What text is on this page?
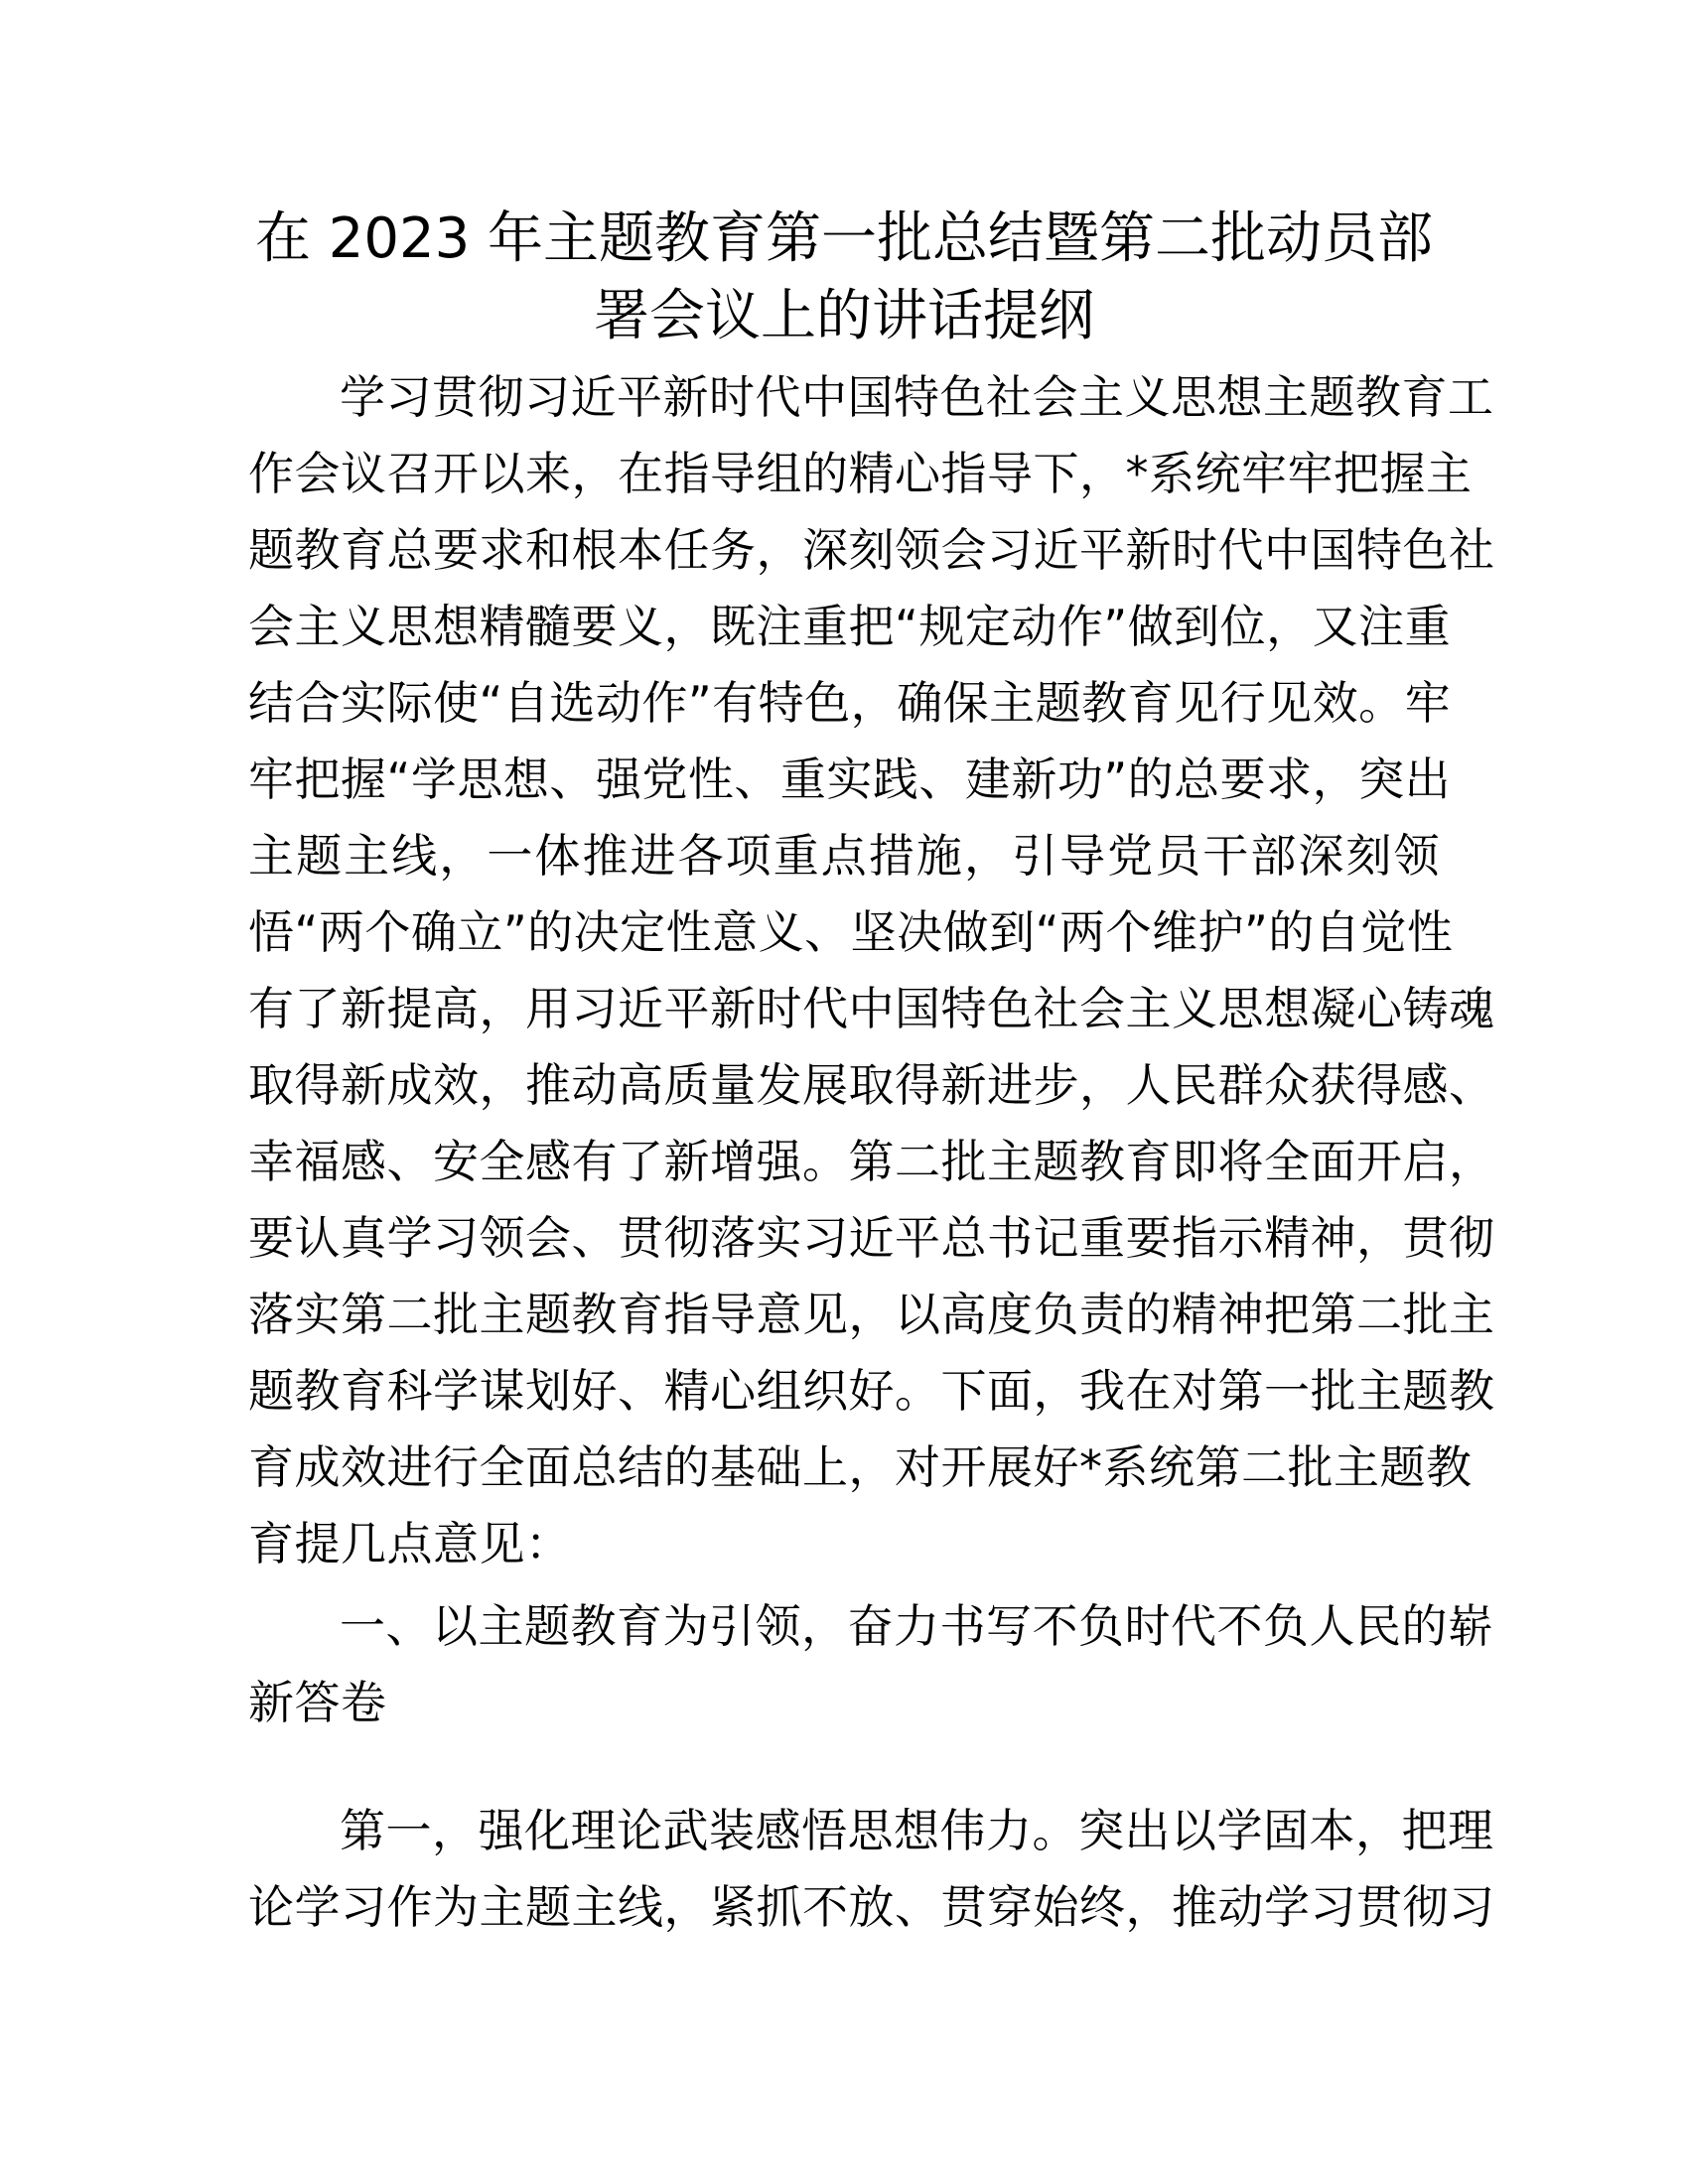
在 2023 年主题教育第一批总结暨第二批动员部
署会议上的讲话提纲
学习贯彻习近平新时代中国特色社会主义思想主题教育工
作会议召开以来，在指导组的精心指导下，*系统牢牢把握主
题教育总要求和根本任务，深刻领会习近平新时代中国特色社
会主义思想精髓要义，既注重把“规定动作”做到位，又注重
结合实际使“自选动作”有特色，确保主题教育见行见效。牢
牢把握“学思想、强党性、重实践、建新功”的总要求，突出
主题主线，一体推进各项重点措施，引导党员干部深刻领
悟“两个确立”的决定性意义、坚决做到“两个维护”的自觉性
有了新提高，用习近平新时代中国特色社会主义思想凝心铸魂
取得新成效，推动高质量发展取得新进步，人民群众获得感、
幸福感、安全感有了新增强。第二批主题教育即将全面开启，
要认真学习领会、贯彻落实习近平总书记重要指示精神，贯彻
落实第二批主题教育指导意见，以高度负责的精神把第二批主
题教育科学谋划好、精心组织好。下面，我在对第一批主题教
育成效进行全面总结的基础上，对开展好*系统第二批主题教
育提几点意见：
一、以主题教育为引领，奋力书写不负时代不负人民的崭
新答卷
第一，强化理论武装感悟思想伟力。突出以学固本，把理
论学习作为主题主线，紧抓不放、贯穿始终，推动学习贯彻习
